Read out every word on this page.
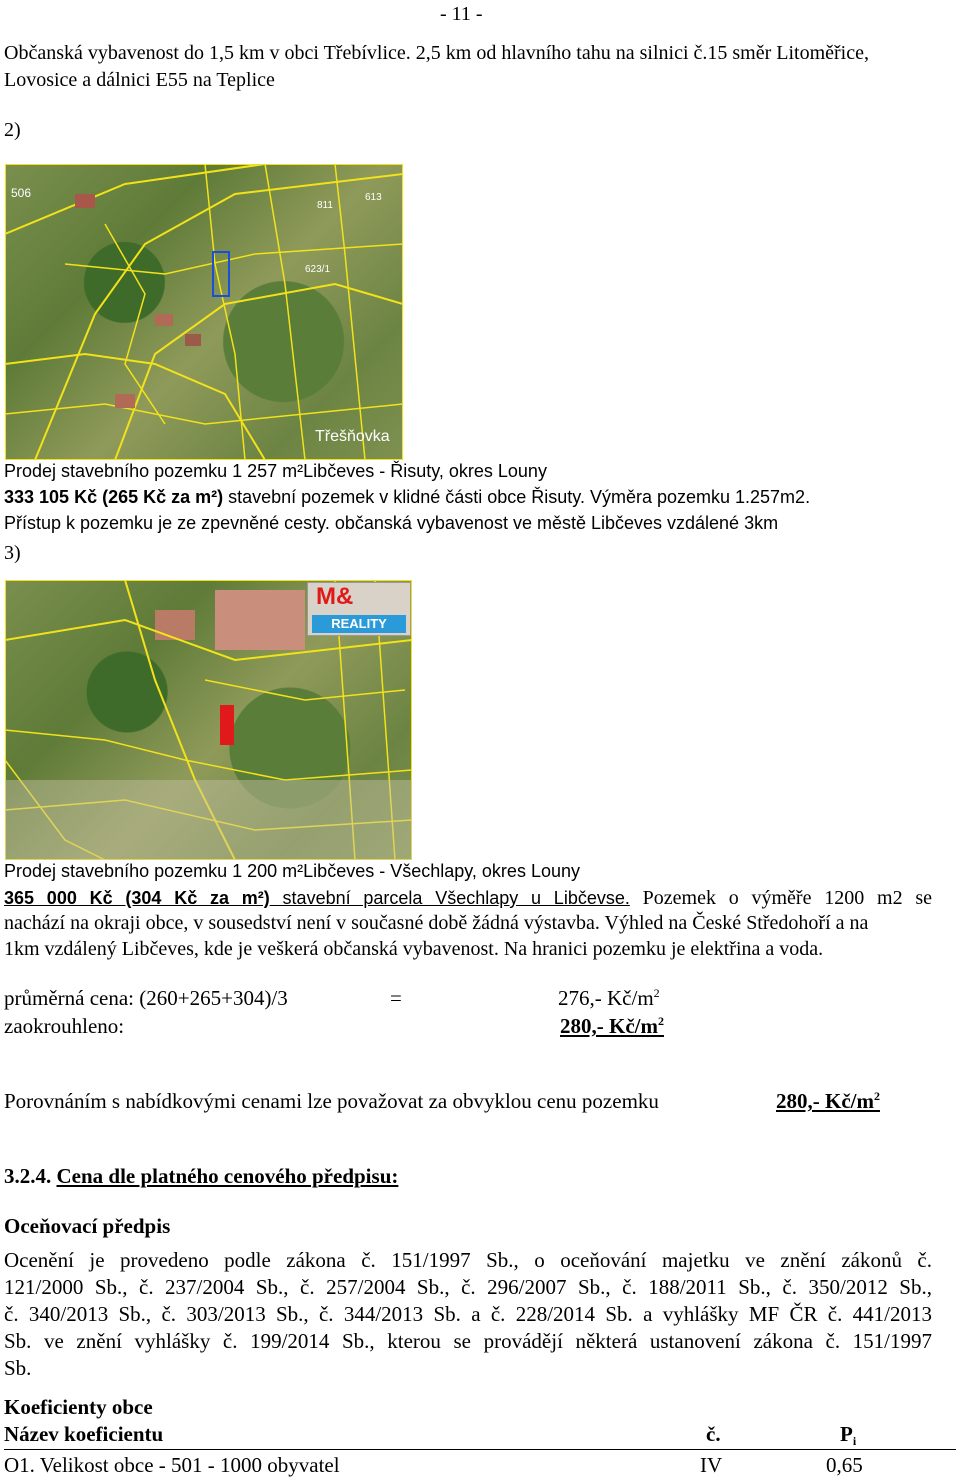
- 11 -
Občanská vybavenost do 1,5 km v obci Třebívlice. 2,5 km od hlavního tahu na silnici č.15 směr Litoměřice,
Lovosice a dálnici E55 na Teplice
2)
506
811
623/1
613
Třešňovka
Prodej stavebního pozemku 1 257 m²Libčeves - Řisuty, okres Louny
333 105 Kč (265 Kč za m²) stavební pozemek v klidné části obce Řisuty. Výměra pozemku 1.257m2.
Přístup k pozemku je ze zpevněné cesty. občanská vybavenost ve městě Libčeves vzdálené 3km
3)
M&
REALITY
Prodej stavebního pozemku 1 200 m²Libčeves - Všechlapy, okres Louny
365 000 Kč (304 Kč za m²) stavební parcela Všechlapy u Libčevse. Pozemek o výměře 1200 m2 se
nachází na okraji obce, v sousedství není v současné době žádná výstavba. Výhled na České Středohoří a na
1km vzdálený Libčeves, kde je veškerá občanská vybavenost. Na hranici pozemku je elektřina a voda.
průměrná cena: (260+265+304)/3	=	276,- $Kč/m^2$
zaokrouhleno:	280,- $Kč/m^2$
Porovnáním s nabídkovými cenami lze považovat za obvyklou cenu pozemku	280,- $Kč/m^2$
3.2.4. Cena dle platného cenového předpisu:
Oceňovací předpis
Ocenění je provedeno podle zákona č. 151/1997 Sb., o oceňování majetku ve znění zákonů č.
121/2000 Sb., č. 237/2004 Sb., č. 257/2004 Sb., č. 296/2007 Sb., č. 188/2011 Sb., č. 350/2012 Sb.,
č. 340/2013 Sb., č. 303/2013 Sb., č. 344/2013 Sb. a č. 228/2014 Sb. a vyhlášky MF ČR č. 441/2013
Sb. ve znění vyhlášky č. 199/2014 Sb., kterou se provádějí některá ustanovení zákona č. 151/1997
Sb.
Koeficienty obce
Název koeficientu	č.	$P_i$
O1. Velikost obce - 501 - 1000 obyvatel	IV	0,65
